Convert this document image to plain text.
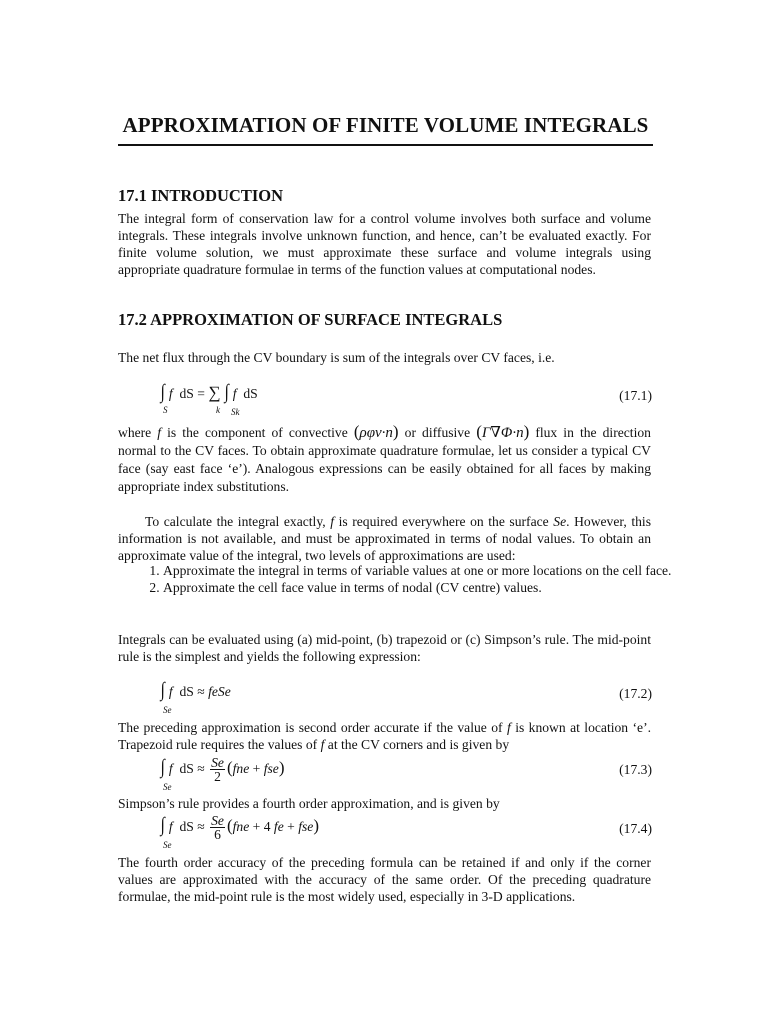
APPROXIMATION OF FINITE VOLUME INTEGRALS
17.1 INTRODUCTION
The integral form of conservation law for a control volume involves both surface and volume integrals. These integrals involve unknown function, and hence, can’t be evaluated exactly. For finite volume solution, we must approximate these surface and volume integrals using appropriate quadrature formulae in terms of the function values at computational nodes.
17.2 APPROXIMATION OF SURFACE INTEGRALS
The net flux through the CV boundary is sum of the integrals over CV faces, i.e.
∫ f dS = ∑ ∫ f dS
S	k Sk
(17.1)
where f is the component of convective (ρφv·n) or diffusive (Γ∇Φ·n) flux in the direction normal to the CV faces. To obtain approximate quadrature formulae, let us consider a typical CV face (say east face ‘e’). Analogous expressions can be easily obtained for all faces by making appropriate index substitutions.
To calculate the integral exactly, f is required everywhere on the surface Se. However, this information is not available, and must be approximated in terms of nodal values. To obtain an approximate value of the integral, two levels of approximations are used:
1. Approximate the integral in terms of variable values at one or more locations on the cell face.
2. Approximate the cell face value in terms of nodal (CV centre) values.
Integrals can be evaluated using (a) mid-point, (b) trapezoid or (c) Simpson’s rule. The mid-point rule is the simplest and yields the following expression:
∫ f dS ≈ feSe
Se
(17.2)
The preceding approximation is second order accurate if the value of f is known at location ‘e’. Trapezoid rule requires the values of f at the CV corners and is given by
∫ f dS ≈ $\frac{Se}{2} (fne + fse)$
Se
(17.3)
Simpson’s rule provides a fourth order approximation, and is given by
∫ f dS ≈ $\frac{Se}{6} (fne + 4$ fe + fse)
Se
(17.4)
The fourth order accuracy of the preceding formula can be retained if and only if the corner values are approximated with the accuracy of the same order. Of the preceding quadrature formulae, the mid-point rule is the most widely used, especially in 3-D applications.
